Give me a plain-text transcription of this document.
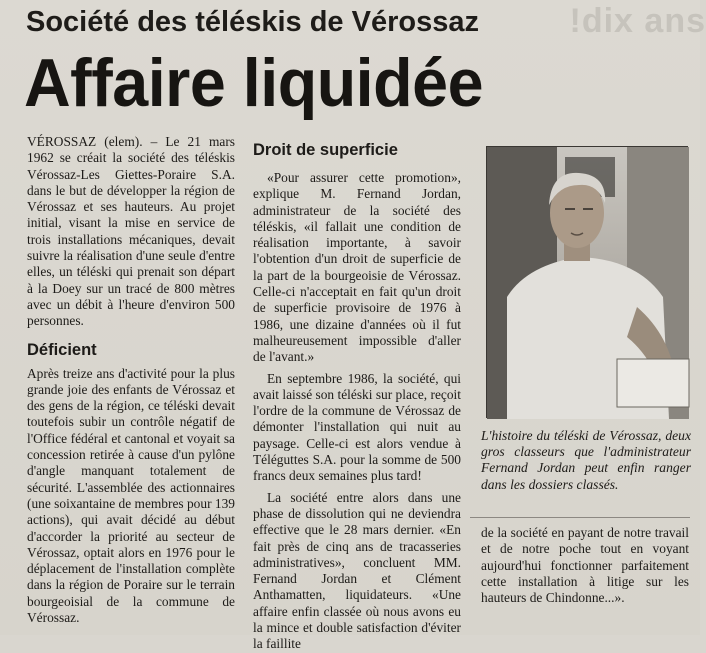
!dix ans
Société des téléskis de Vérossaz
Affaire liquidée

VÉROSSAZ (elem). – Le 21 mars 1962 se créait la société des téléskis Vérossaz-Les Giettes-Poraire S.A. dans le but de développer la région de Vérossaz et ses hauteurs. Au projet initial, visant la mise en service de trois installations mécaniques, devait suivre la réalisation d'une seule d'entre elles, un téléski qui prenait son départ à la Doey sur un tracé de 800 mètres avec un débit à l'heure d'environ 500 personnes.

Déficient

Après treize ans d'activité pour la plus grande joie des enfants de Vérossaz et des gens de la région, ce téléski devait toutefois subir un contrôle négatif de l'Office fédéral et cantonal et voyait sa concession retirée à cause d'un pylône d'angle manquant totalement de sécurité. L'assemblée des actionnaires (une soixantaine de membres pour 139 actions), qui avait décidé au début d'accorder la priorité au secteur de Vérossaz, optait alors en 1976 pour le déplacement de l'installation complète dans la région de Poraire sur le terrain bourgeoisial de la commune de Vérossaz.

Droit de superficie

«Pour assurer cette promotion», explique M. Fernand Jordan, administrateur de la société des téléskis, «il fallait une condition de réalisation importante, à savoir l'obtention d'un droit de superficie de la part de la bourgeoisie de Vérossaz. Celle-ci n'acceptait en fait qu'un droit de superficie provisoire de 1976 à 1986, une dizaine d'années où il fut malheureusement impossible d'aller de l'avant.»

En septembre 1986, la société, qui avait laissé son téléski sur place, reçoit l'ordre de la commune de Vérossaz de démonter l'installation qui nuit au paysage. Celle-ci est alors vendue à Téléguttes S.A. pour la somme de 500 francs deux semaines plus tard!

La société entre alors dans une phase de dissolution qui ne deviendra effective que le 28 mars dernier. «En fait près de cinq ans de tracasseries administratives», concluent MM. Fernand Jordan et Clément Anthamatten, liquidateurs. «Une affaire enfin classée où nous avons eu la mince et double satisfaction d'éviter la faillite

L'histoire du téléski de Vérossaz, deux gros classeurs que l'administrateur Fernand Jordan peut enfin ranger dans les dossiers classés.

de la société en payant de notre travail et de notre poche tout en voyant aujourd'hui fonctionner parfaitement cette installation à litige sur les hauteurs de Chindonne...».
